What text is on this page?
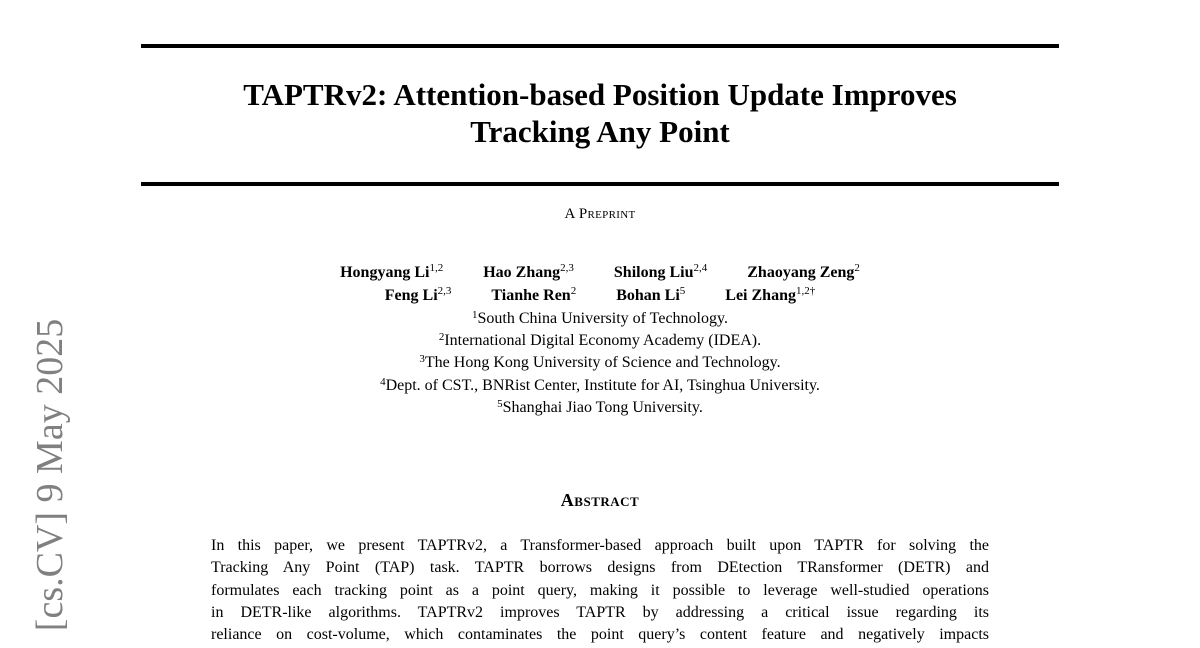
[cs.CV] 9 May 2025
TAPTRv2: Attention-based Position Update Improves
Tracking Any Point
A Preprint
Hongyang Li$^{1,2}$	Hao Zhang$^{2,3}$	Shilong Liu$^{2,4}$	Zhaoyang Zeng$^2$
Feng Li$^{2,3}$	Tianhe Ren$^2$	Bohan Li$^5$	Lei Zhang$^{1,2\dagger}$
$^1$South China University of Technology.
$^2$International Digital Economy Academy (IDEA).
$^3$The Hong Kong University of Science and Technology.
$^4$Dept. of CST., BNRist Center, Institute for AI, Tsinghua University.
$^5$Shanghai Jiao Tong University.
Abstract
In this paper, we present TAPTRv2, a Transformer-based approach built upon TAPTR for solving the
Tracking Any Point (TAP) task. TAPTR borrows designs from DEtection TRansformer (DETR) and
formulates each tracking point as a point query, making it possible to leverage well-studied operations
in DETR-like algorithms. TAPTRv2 improves TAPTR by addressing a critical issue regarding its
reliance on cost-volume, which contaminates the point query’s content feature and negatively impacts
